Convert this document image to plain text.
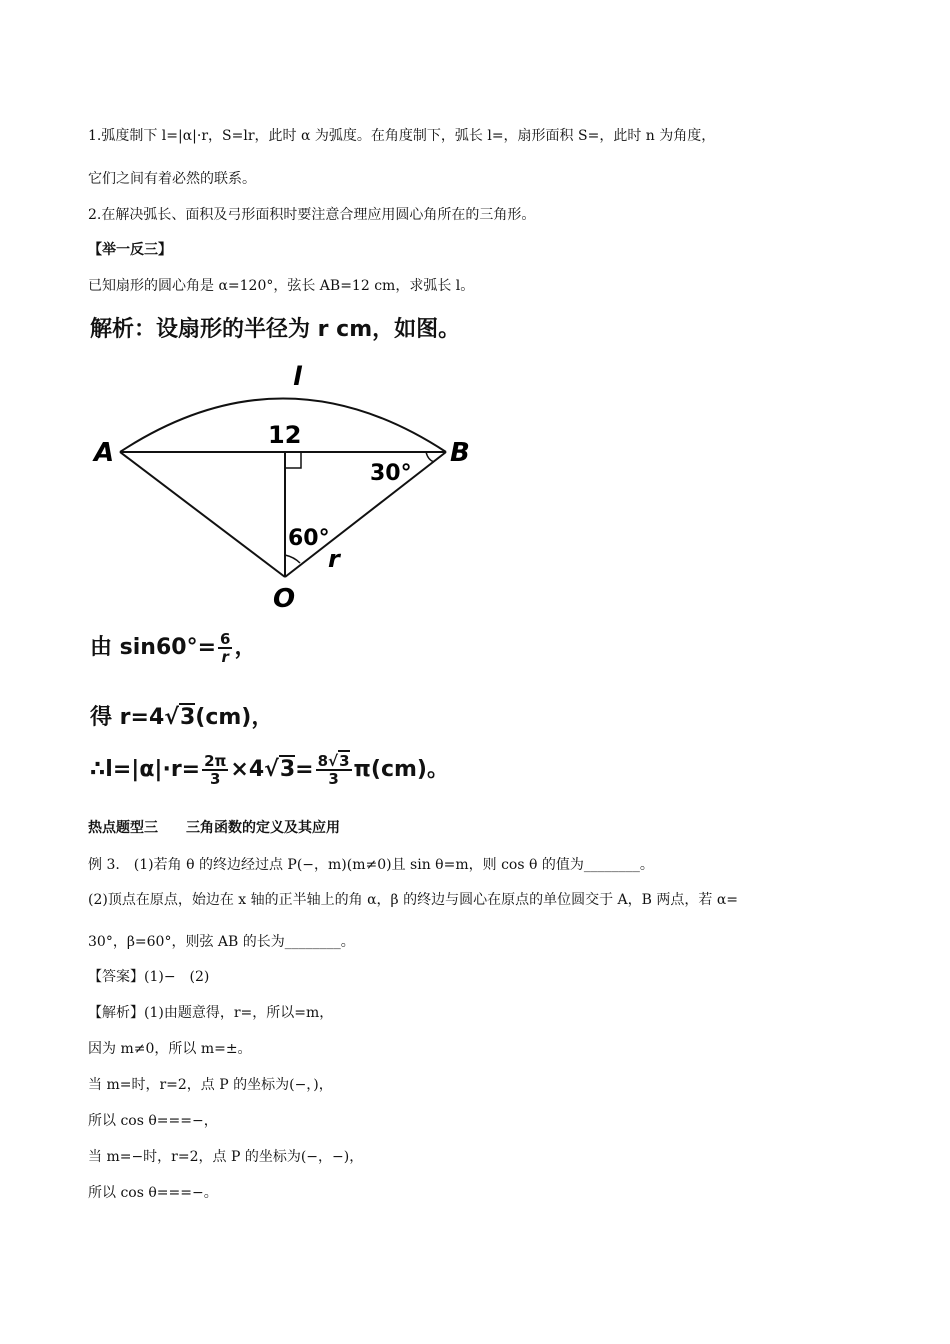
1.弧度制下 l=|α|·r，S=lr，此时 α 为弧度。在角度制下，弧长 l=，扇形面积 S=，此时 n 为角度，
它们之间有着必然的联系。
2.在解决弧长、面积及弓形面积时要注意合理应用圆心角所在的三角形。
【举一反三】
已知扇形的圆心角是 α=120°，弦长 AB=12 cm，求弧长 l。
解析：设扇形的半径为 r cm，如图。
l
12
A	B
30°
60°
r
O
由 $\sin 60^\circ= \frac{6}{r}$ ，
得 r=4√3(cm)，
∴l=|α|·r= $\frac{2\pi}{3} \times 4√3= \frac{8√3}{3} \pi(cm)$。
热点题型三　　三角函数的定义及其应用
例 3.　(1)若角 θ 的终边经过点 P(−，m)(m≠0)且 sin θ=m，则 cos θ 的值为________。
(2)顶点在原点，始边在 x 轴的正半轴上的角 α，β 的终边与圆心在原点的单位圆交于 A，B 两点，若 α=
30°，β=60°，则弦 AB 的长为________。
【答案】(1)−　(2)
【解析】(1)由题意得，r=，所以=m，
因为 m≠0，所以 m=±。
当 m=时，r=2，点 P 的坐标为(−，)，
所以 cos θ===−，
当 m=−时，r=2，点 P 的坐标为(−，−)，
所以 cos θ===−。
